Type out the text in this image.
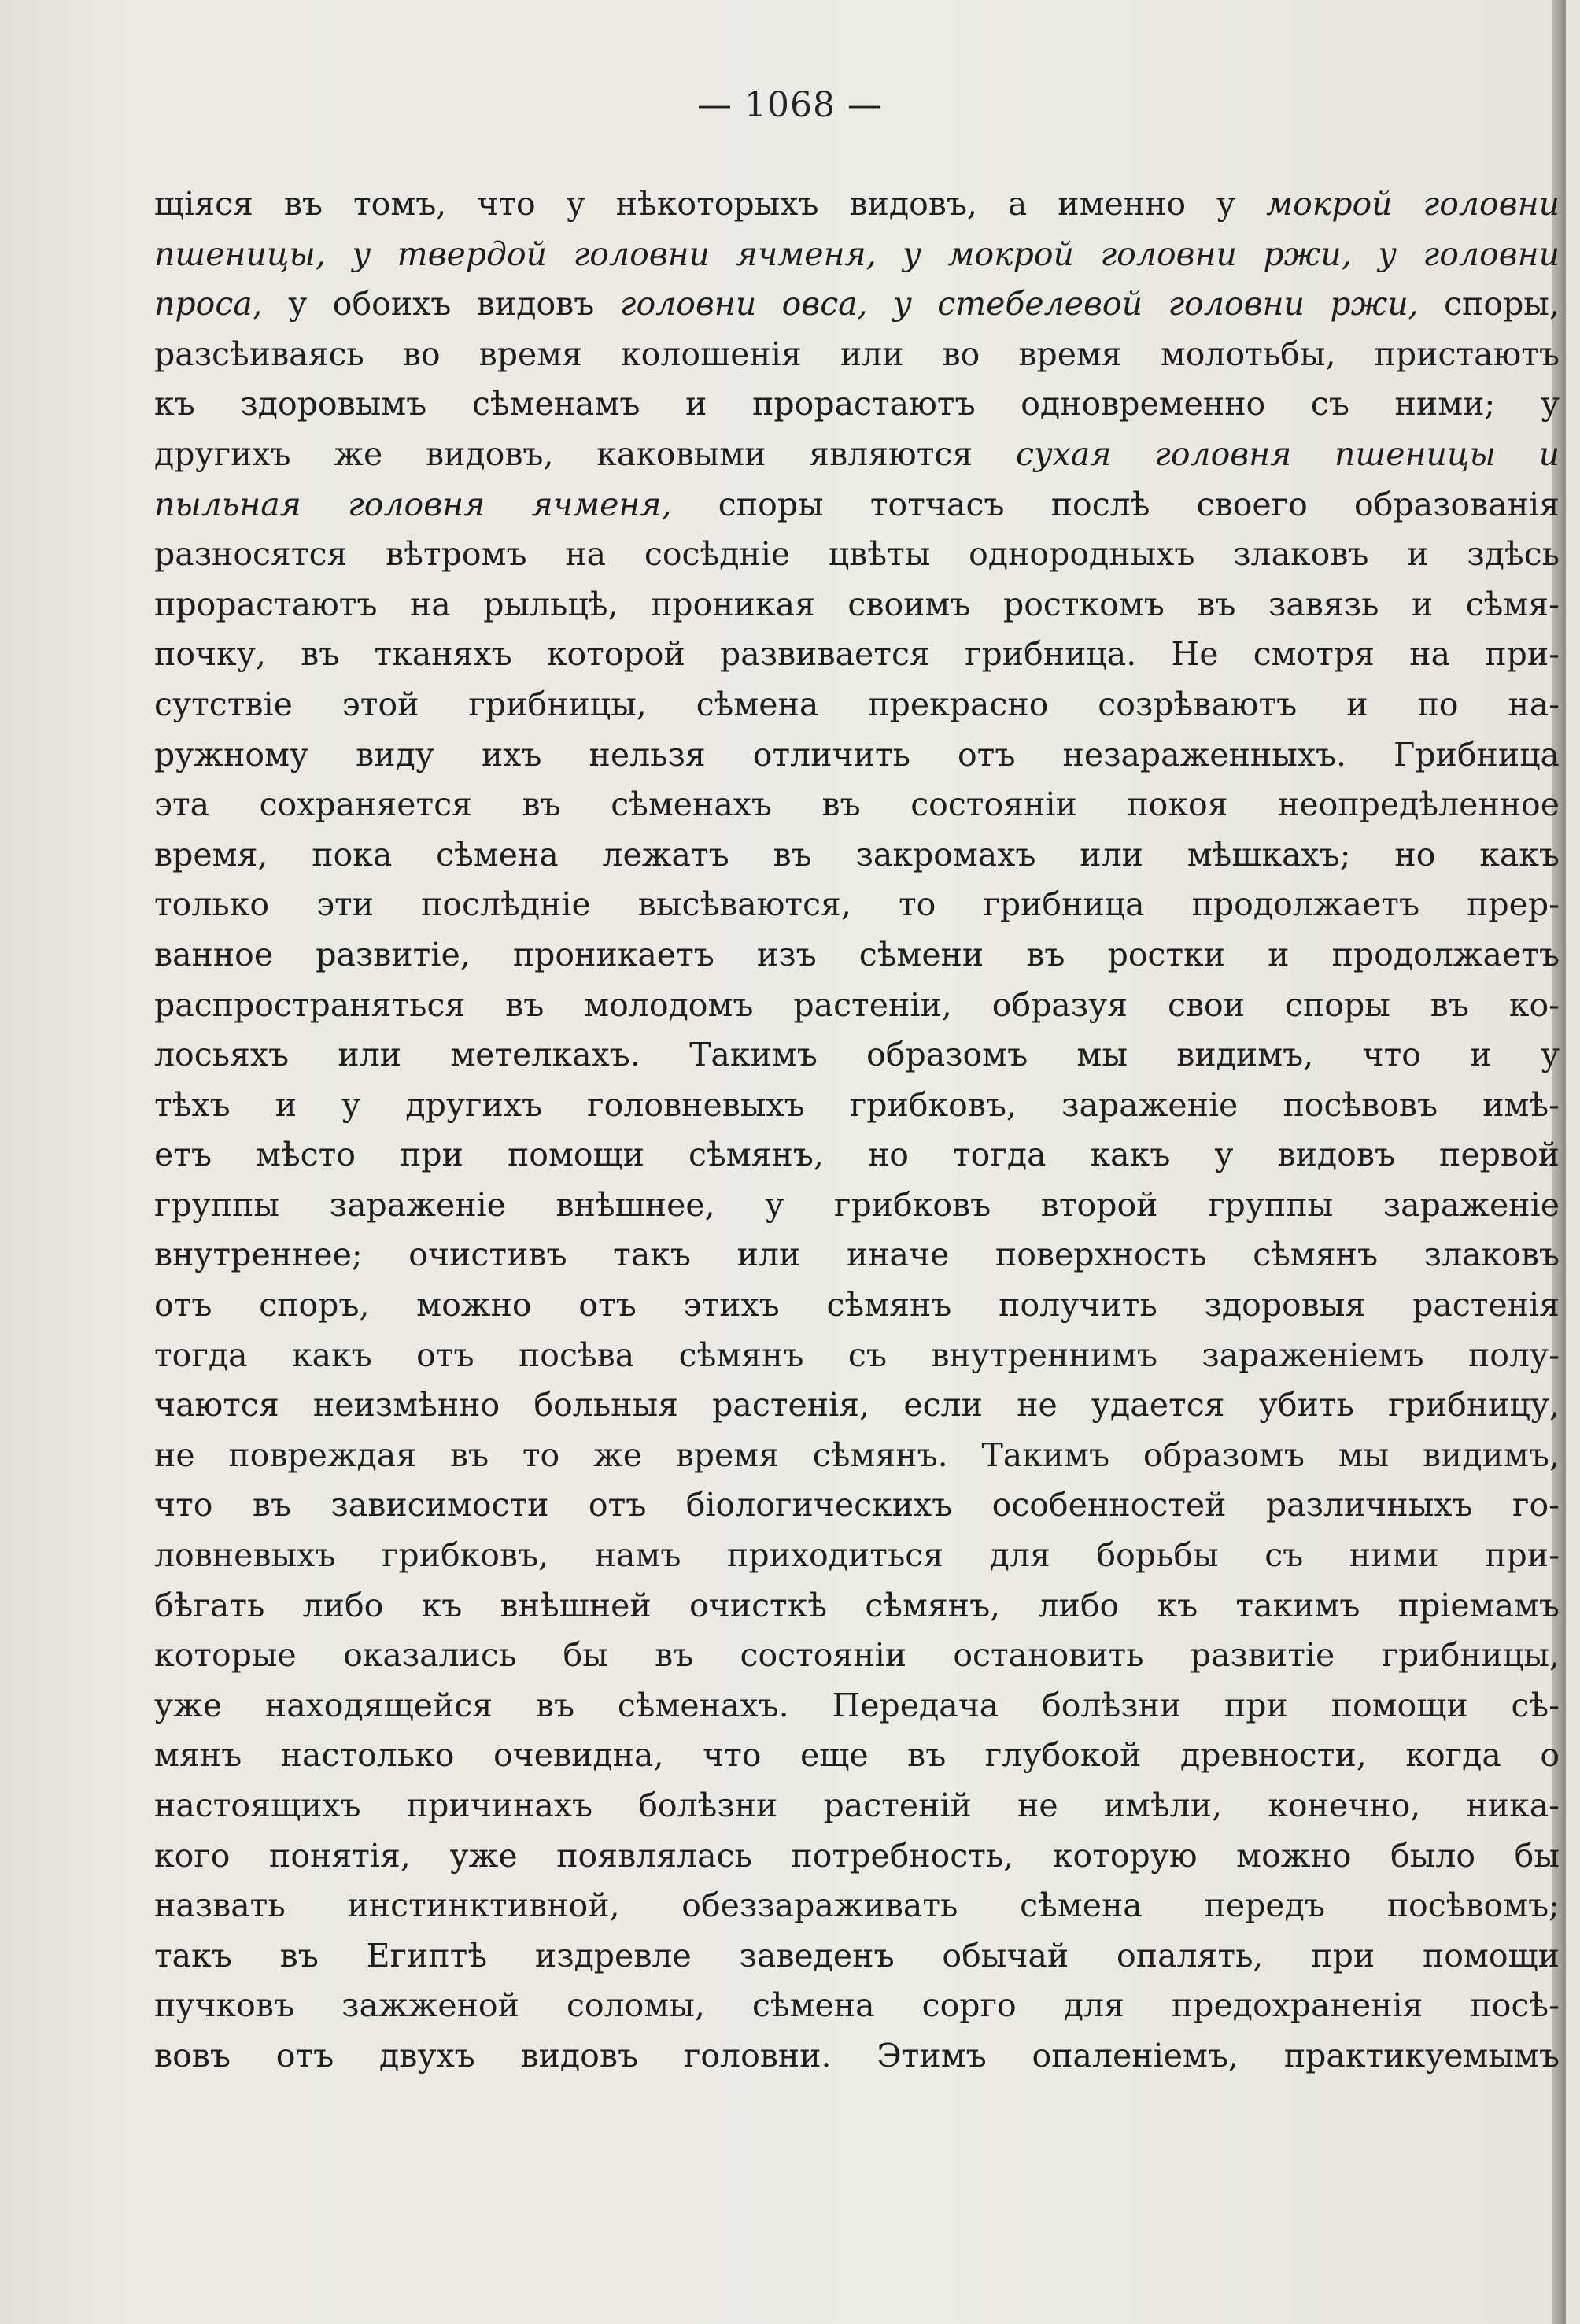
— 1068 —
щіяся въ томъ, что у нѣкоторыхъ видовъ, а именно у мокрой головни
пшеницы, у твердой головни ячменя, у мокрой головни ржи, у головни
проса, у обоихъ видовъ головни овса, у стебелевой головни ржи, споры,
разсѣиваясь во время колошенія или во время молотьбы, пристаютъ
къ здоровымъ сѣменамъ и прорастаютъ одновременно съ ними; у
другихъ же видовъ, каковыми являются сухая головня пшеницы и
пыльная головня ячменя, споры тотчасъ послѣ своего образованія
разносятся вѣтромъ на сосѣдніе цвѣты однородныхъ злаковъ и здѣсь
прорастаютъ на рыльцѣ, проникая своимъ росткомъ въ завязь и сѣмя-
почку, въ тканяхъ которой развивается грибница. Не смотря на при-
сутствіе этой грибницы, сѣмена прекрасно созрѣваютъ и по на-
ружному виду ихъ нельзя отличить отъ незараженныхъ. Грибница
эта сохраняется въ сѣменахъ въ состояніи покоя неопредѣленное
время, пока сѣмена лежатъ въ закромахъ или мѣшкахъ; но какъ
только эти послѣдніе высѣваются, то грибница продолжаетъ прер-
ванное развитіе, проникаетъ изъ сѣмени въ ростки и продолжаетъ
распространяться въ молодомъ растеніи, образуя свои споры въ ко-
лосьяхъ или метелкахъ. Такимъ образомъ мы видимъ, что и у
тѣхъ и у другихъ головневыхъ грибковъ, зараженіе посѣвовъ имѣ-
етъ мѣсто при помощи сѣмянъ, но тогда какъ у видовъ первой
группы зараженіе внѣшнее, у грибковъ второй группы зараженіе
внутреннее; очистивъ такъ или иначе поверхность сѣмянъ злаковъ
отъ споръ, можно отъ этихъ сѣмянъ получить здоровыя растенія
тогда какъ отъ посѣва сѣмянъ съ внутреннимъ зараженіемъ полу-
чаются неизмѣнно больныя растенія, если не удается убить грибницу,
не повреждая въ то же время сѣмянъ. Такимъ образомъ мы видимъ,
что въ зависимости отъ біологическихъ особенностей различныхъ го-
ловневыхъ грибковъ, намъ приходиться для борьбы съ ними при-
бѣгать либо къ внѣшней очисткѣ сѣмянъ, либо къ такимъ пріемамъ
которые оказались бы въ состояніи остановить развитіе грибницы,
уже находящейся въ сѣменахъ. Передача болѣзни при помощи сѣ-
мянъ настолько очевидна, что еще въ глубокой древности, когда о
настоящихъ причинахъ болѣзни растеній не имѣли, конечно, ника-
кого понятія, уже появлялась потребность, которую можно было бы
назвать инстинктивной, обеззараживать сѣмена передъ посѣвомъ;
такъ въ Египтѣ издревле заведенъ обычай опалять, при помощи
пучковъ зажженой соломы, сѣмена сорго для предохраненія посѣ-
вовъ отъ двухъ видовъ головни. Этимъ опаленіемъ, практикуемымъ
